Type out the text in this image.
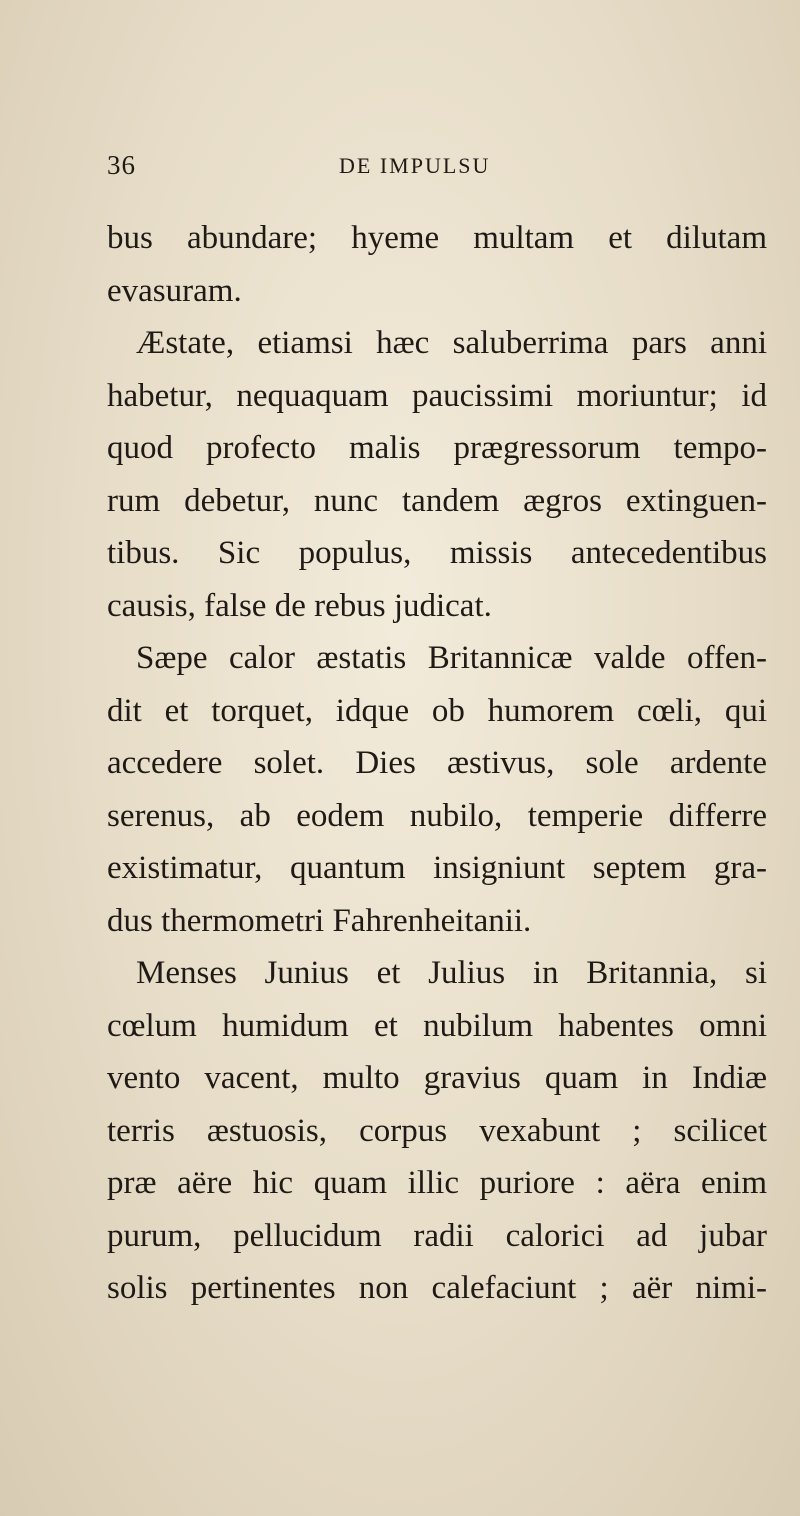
36	DE IMPULSU
bus abundare; hyeme multam et dilutam
evasuram.
Æstate, etiamsi hæc saluberrima pars anni
habetur, nequaquam paucissimi moriuntur; id
quod profecto malis prægressorum tempo-
rum debetur, nunc tandem ægros extinguen-
tibus. Sic populus, missis antecedentibus
causis, false de rebus judicat.
Sæpe calor æstatis Britannicæ valde offen-
dit et torquet, idque ob humorem cœli, qui
accedere solet. Dies æstivus, sole ardente
serenus, ab eodem nubilo, temperie differre
existimatur, quantum insigniunt septem gra-
dus thermometri Fahrenheitanii.
Menses Junius et Julius in Britannia, si
cœlum humidum et nubilum habentes omni
vento vacent, multo gravius quam in Indiæ
terris æstuosis, corpus vexabunt ; scilicet
præ aëre hic quam illic puriore : aëra enim
purum, pellucidum radii calorici ad jubar
solis pertinentes non calefaciunt ; aër nimi-
